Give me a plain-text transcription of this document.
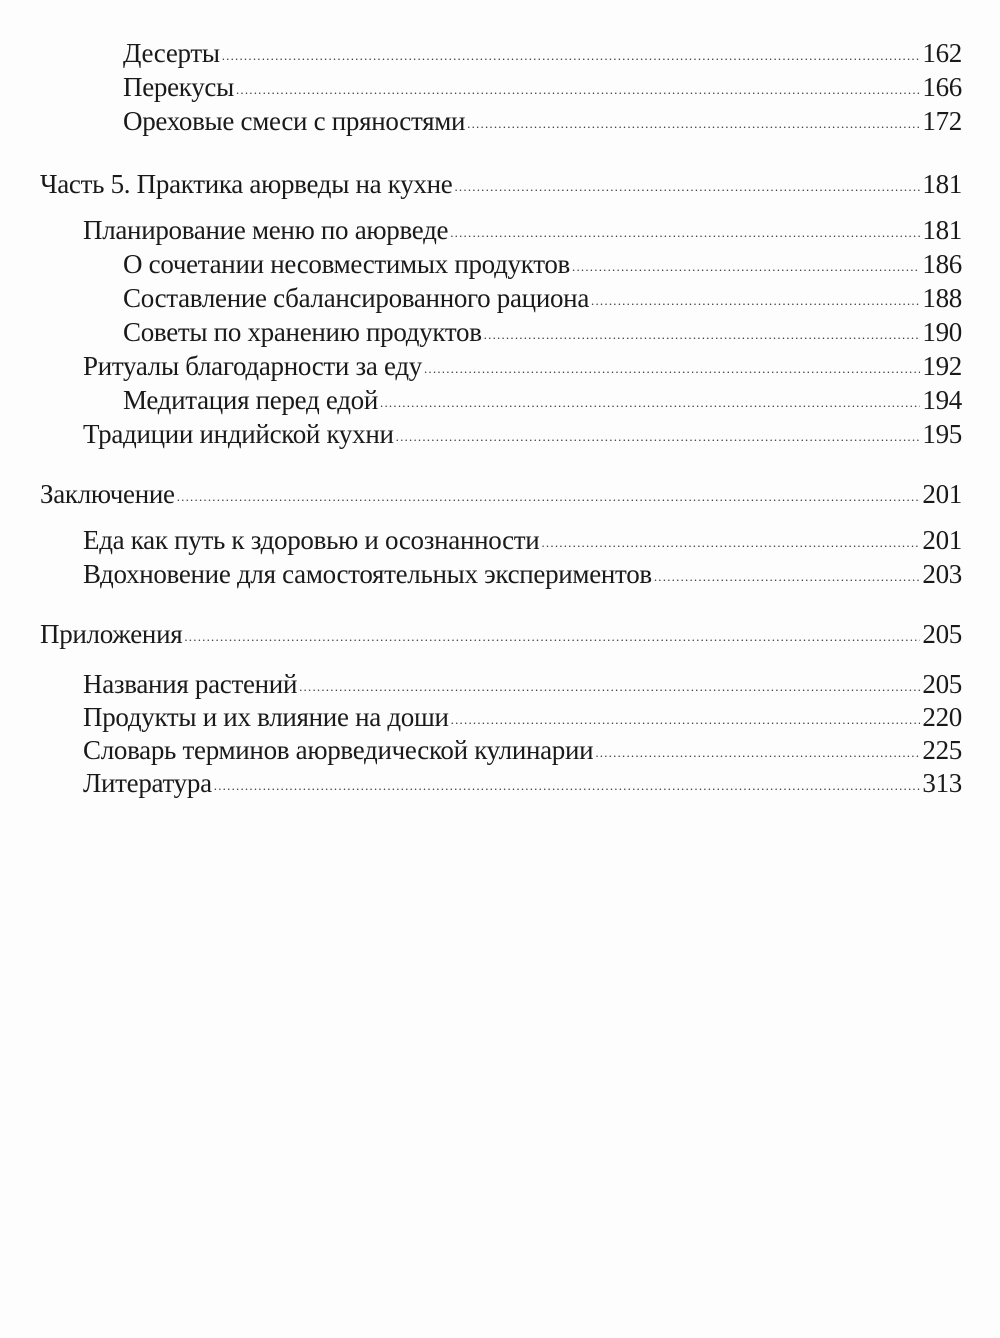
Десерты .....	162
Перекусы .....	166
Ореховые смеси с пряностями .....	172
Часть 5. Практика аюрведы на кухне .....	181
Планирование меню по аюрведе .....	181
О сочетании несовместимых продуктов .....	186
Составление сбалансированного рациона .....	188
Советы по хранению продуктов .....	190
Ритуалы благодарности за еду .....	192
Медитация перед едой .....	194
Традиции индийской кухни .....	195
Заключение .....	201
Еда как путь к здоровью и осознанности .....	201
Вдохновение для самостоятельных экспериментов .....	203
Приложения .....	205
Названия растений .....	205
Продукты и их влияние на доши .....	220
Словарь терминов аюрведической кулинарии .....	225
Литература .....	313
